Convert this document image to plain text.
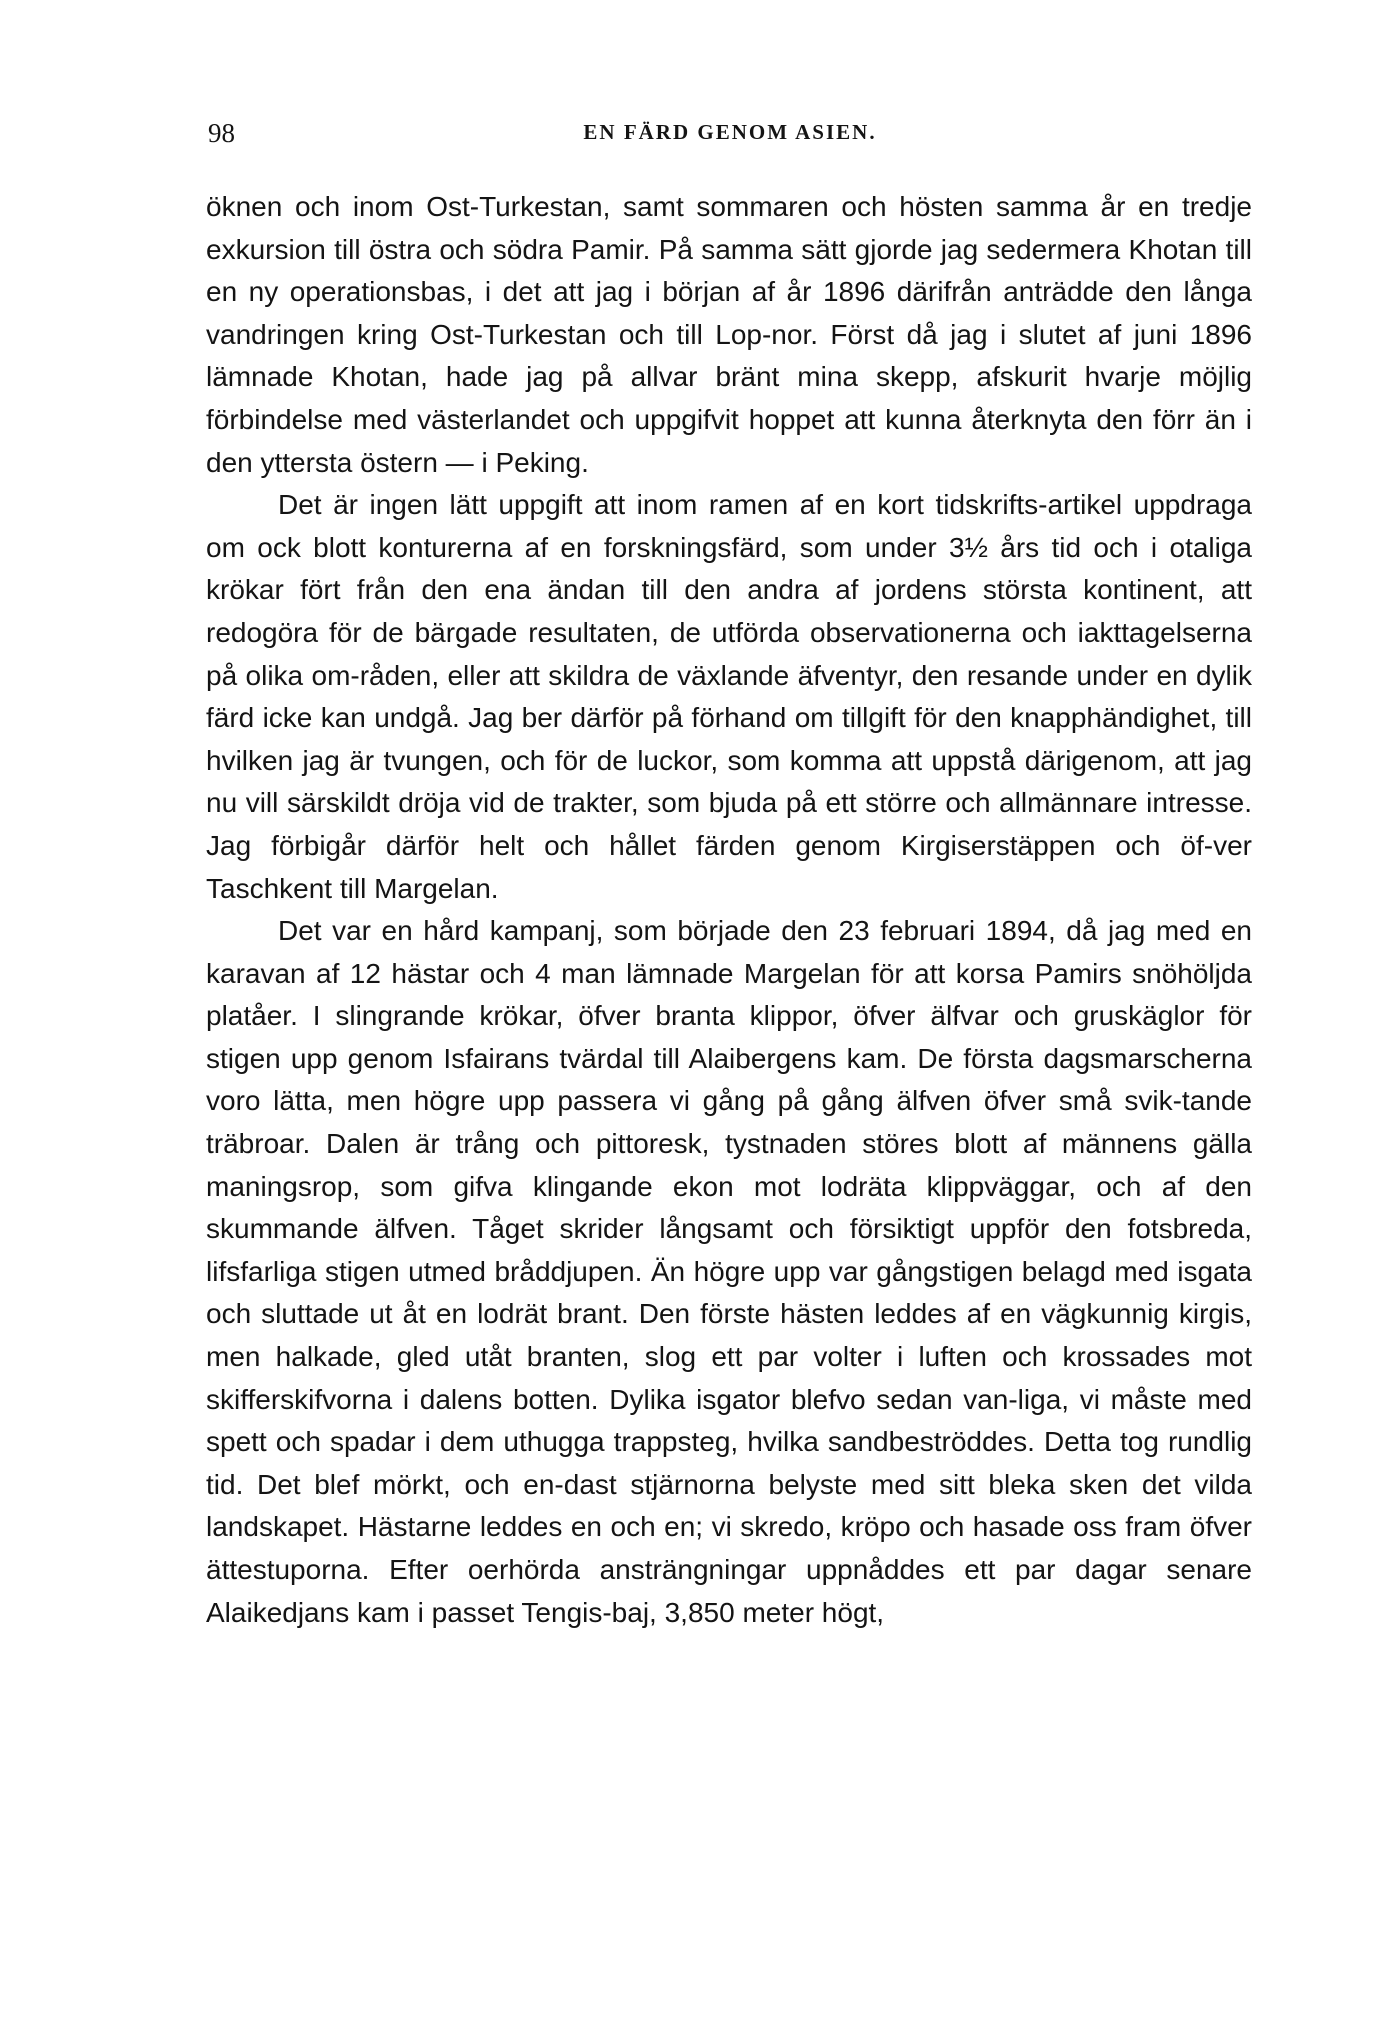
98	EN FÄRD GENOM ASIEN.

öknen och inom Ost-Turkestan, samt sommaren och hösten samma år en tredje exkursion till östra och södra Pamir. På samma sätt gjorde jag sedermera Khotan till en ny operationsbas, i det att jag i början af år 1896 därifrån anträdde den långa vandringen kring Ost-Turkestan och till Lop-nor. Först då jag i slutet af juni 1896 lämnade Khotan, hade jag på allvar bränt mina skepp, afskurit hvarje möjlig förbindelse med västerlandet och uppgifvit hoppet att kunna återknyta den förr än i den yttersta östern — i Peking.

Det är ingen lätt uppgift att inom ramen af en kort tidskrifts-artikel uppdraga om ock blott konturerna af en forskningsfärd, som under 3½ års tid och i otaliga krökar fört från den ena ändan till den andra af jordens största kontinent, att redogöra för de bärgade resultaten, de utförda observationerna och iakttagelserna på olika om-råden, eller att skildra de växlande äfventyr, den resande under en dylik färd icke kan undgå. Jag ber därför på förhand om tillgift för den knapphändighet, till hvilken jag är tvungen, och för de luckor, som komma att uppstå därigenom, att jag nu vill särskildt dröja vid de trakter, som bjuda på ett större och allmännare intresse. Jag förbigår därför helt och hållet färden genom Kirgiserstäppen och öf-ver Taschkent till Margelan.

Det var en hård kampanj, som började den 23 februari 1894, då jag med en karavan af 12 hästar och 4 man lämnade Margelan för att korsa Pamirs snöhöljda platåer. I slingrande krökar, öfver branta klippor, öfver älfvar och gruskäglor för stigen upp genom Isfairans tvärdal till Alaibergens kam. De första dagsmarscherna voro lätta, men högre upp passera vi gång på gång älfven öfver små svik-tande träbroar. Dalen är trång och pittoresk, tystnaden störes blott af männens gälla maningsrop, som gifva klingande ekon mot lodräta klippväggar, och af den skummande älfven. Tåget skrider långsamt och försiktigt uppför den fotsbreda, lifsfarliga stigen utmed bråddjupen. Än högre upp var gångstigen belagd med isgata och sluttade ut åt en lodrät brant. Den förste hästen leddes af en vägkunnig kirgis, men halkade, gled utåt branten, slog ett par volter i luften och krossades mot skifferskifvorna i dalens botten. Dylika isgator blefvo sedan van-liga, vi måste med spett och spadar i dem uthugga trappsteg, hvilka sandbeströddes. Detta tog rundlig tid. Det blef mörkt, och en-dast stjärnorna belyste med sitt bleka sken det vilda landskapet. Hästarne leddes en och en; vi skredo, kröpo och hasade oss fram öfver ättestuporna. Efter oerhörda ansträngningar uppnåddes ett par dagar senare Alaikedjans kam i passet Tengis-baj, 3,850 meter högt,
